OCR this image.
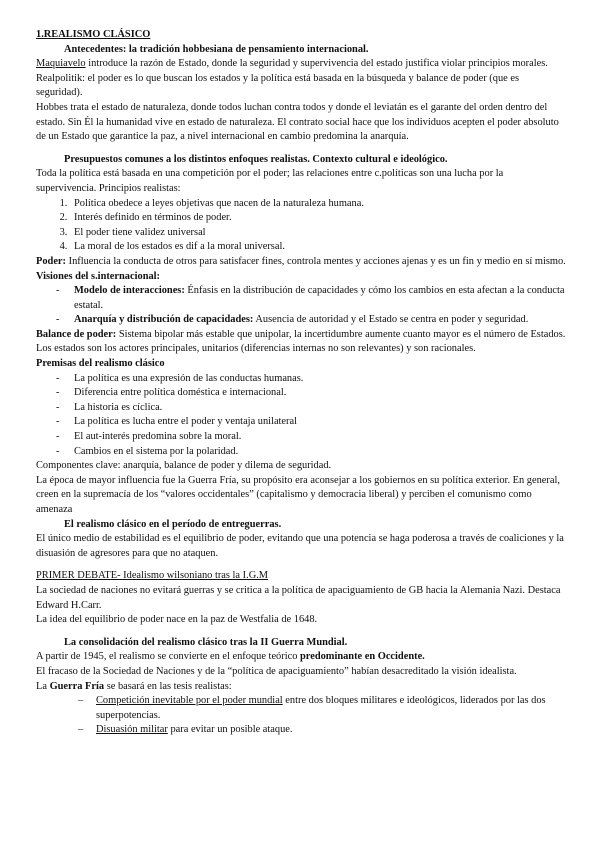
1.REALISMO CLÁSICO

Antecedentes: la tradición hobbesiana de pensamiento internacional.

Maquiavelo introduce la razón de Estado, donde la seguridad y supervivencia del estado justifica violar principios morales. Realpolitik: el poder es lo que buscan los estados y la política está basada en la búsqueda y balance de poder (que es seguridad).

Hobbes trata el estado de naturaleza, donde todos luchan contra todos y donde el leviatán es el garante del orden dentro del estado. Sin Él la humanidad vive en estado de naturaleza. El contrato social hace que los individuos acepten el poder absoluto de un Estado que garantice la paz, a nivel internacional en cambio predomina la anarquía.

Presupuestos comunes a los distintos enfoques realistas. Contexto cultural e ideológico.

Toda la política está basada en una competición por el poder; las relaciones entre c.políticas son una lucha por la supervivencia. Principios realistas:

1. Política obedece a leyes objetivas que nacen de la naturaleza humana.
2. Interés definido en términos de poder.
3. El poder tiene validez universal
4. La moral de los estados es dif a la moral universal.

Poder: Influencia la conducta de otros para satisfacer fines, controla mentes y acciones ajenas y es un fin y medio en sí mismo.

Visiones del s.internacional:

- Modelo de interacciones: Énfasis en la distribución de capacidades y cómo los cambios en esta afectan a la conducta estatal.
- Anarquía y distribución de capacidades: Ausencia de autoridad y el Estado se centra en poder y seguridad.

Balance de poder: Sistema bipolar más estable que unipolar, la incertidumbre aumente cuanto mayor es el número de Estados. Los estados son los actores principales, unitarios (diferencias internas no son relevantes) y son racionales.

Premisas del realismo clásico

- La política es una expresión de las conductas humanas.
- Diferencia entre política doméstica e internacional.
- La historia es cíclica.
- La política es lucha entre el poder y ventaja unilateral
- El aut-interés predomina sobre la moral.
- Cambios en el sistema por la polaridad.

Componentes clave: anarquía, balance de poder y dilema de seguridad.

La época de mayor influencia fue la Guerra Fría, su propósito era aconsejar a los gobiernos en su política exterior. En general, creen en la supremacía de los “valores occidentales” (capitalismo y democracia liberal) y perciben el comunismo como amenaza

El realismo clásico en el período de entreguerras.

El único medio de estabilidad es el equilibrio de poder, evitando que una potencia se haga poderosa a través de coaliciones y la disuasión de agresores para que no ataquen.

PRIMER DEBATE- Idealismo wilsoniano tras la I.G.M

La sociedad de naciones no evitará guerras y se critica a la política de apaciguamiento de GB hacia la Alemania Nazi. Destaca Edward H.Carr.

La idea del equilibrio de poder nace en la paz de Westfalia de 1648.

La consolidación del realismo clásico tras la II Guerra Mundial.

A partir de 1945, el realismo se convierte en el enfoque teórico predominante en Occidente.

El fracaso de la Sociedad de Naciones y de la “política de apaciguamiento” habían desacreditado la visión idealista.

La Guerra Fría se basará en las tesis realistas:

– Competición inevitable por el poder mundial entre dos bloques militares e ideológicos, liderados por las dos superpotencias.
– Disuasión militar para evitar un posible ataque.
